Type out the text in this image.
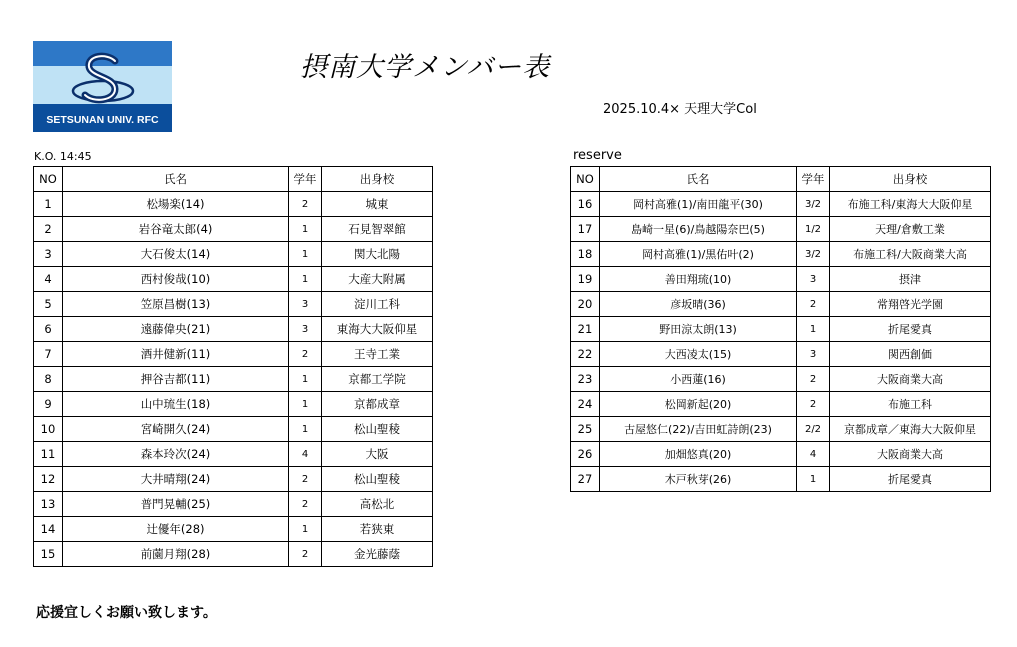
SETSUNAN UNIV. RFC
摂南大学メンバー表
2025.10.4× 天理大学Col
K.O. 14:45	reserve
NO	氏名	学年	出身校
1	松場楽(14)	2	城東
2	岩谷竜太郎(4)	1	石見智翠館
3	大石俊太(14)	1	関大北陽
4	西村俊哉(10)	1	大産大附属
5	笠原昌樹(13)	3	淀川工科
6	遠藤偉央(21)	3	東海大大阪仰星
7	酒井健新(11)	2	王寺工業
8	押谷吉都(11)	1	京都工学院
9	山中琉生(18)	1	京都成章
10	宮崎開久(24)	1	松山聖稜
11	森本玲次(24)	4	大阪
12	大井晴翔(24)	2	松山聖稜
13	普門晃輔(25)	2	高松北
14	辻優年(28)	1	若狭東
15	前薗月翔(28)	2	金光藤蔭
NO	氏名	学年	出身校
16	岡村高雅(1)/南田龍平(30)	3/2	布施工科/東海大大阪仰星
17	島崎一星(6)/鳥越陽奈巴(5)	1/2	天理/倉敷工業
18	岡村高雅(1)/黒佑叶(2)	3/2	布施工科/大阪商業大高
19	善田翔琉(10)	3	摂津
20	彦坂晴(36)	2	常翔啓光学園
21	野田涼太朗(13)	1	折尾愛真
22	大西凌太(15)	3	関西創価
23	小西蓮(16)	2	大阪商業大高
24	松岡新起(20)	2	布施工科
25	古屋悠仁(22)/吉田虹詩朗(23)	2/2	京都成章／東海大大阪仰星
26	加畑悠真(20)	4	大阪商業大高
27	木戸秋芽(26)	1	折尾愛真
応援宜しくお願い致します。
